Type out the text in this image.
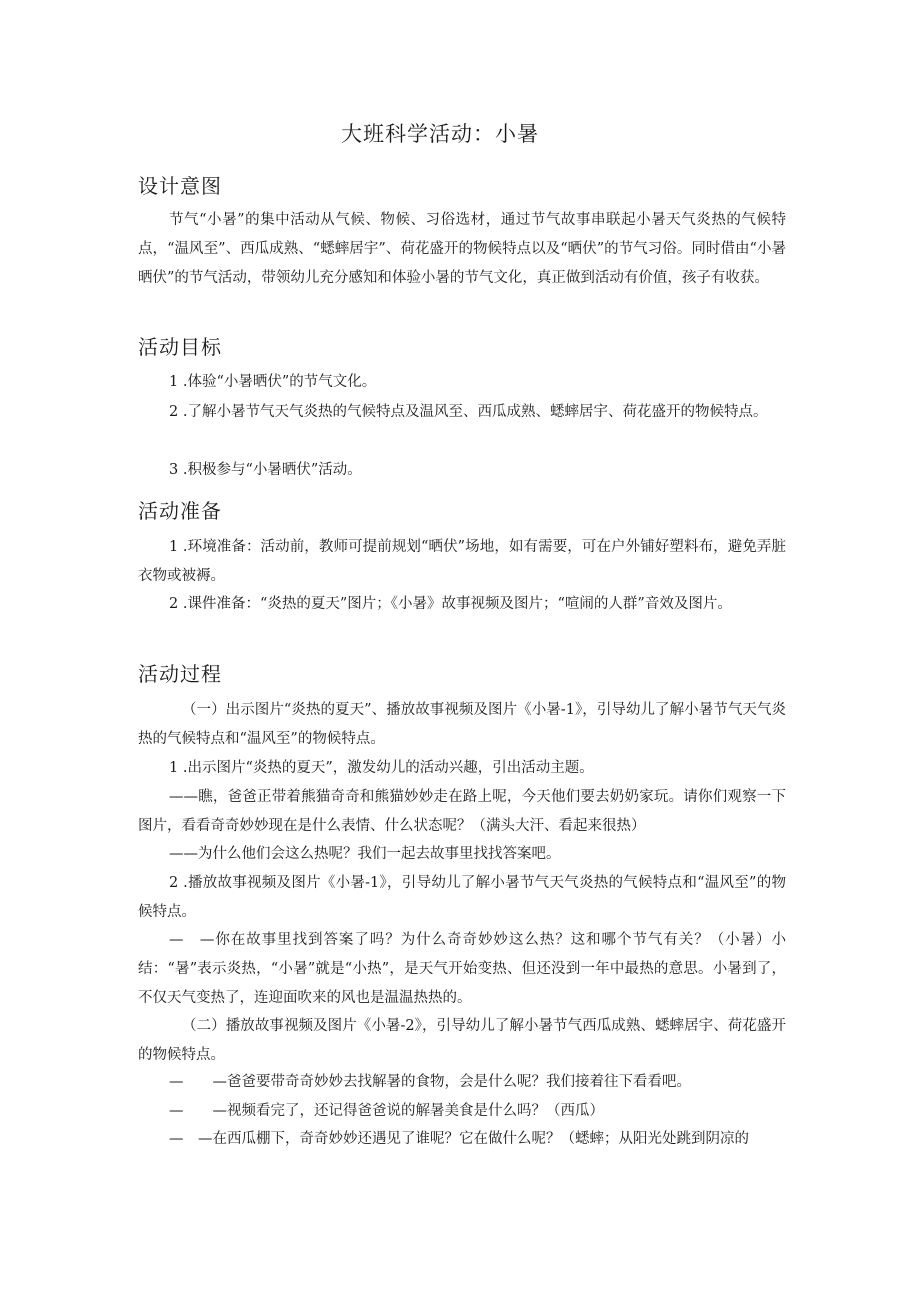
大班科学活动：小暑
设计意图

节气“小暑”的集中活动从气候、物候、习俗选材，通过节气故事串联起小暑天气炎热的气候特点，“温风至”、西瓜成熟、“蟋蟀居宇”、荷花盛开的物候特点以及“晒伏”的节气习俗。同时借由“小暑晒伏”的节气活动，带领幼儿充分感知和体验小暑的节气文化，真正做到活动有价值，孩子有收获。

活动目标

1 .体验“小暑晒伏”的节气文化。

2 .了解小暑节气天气炎热的气候特点及温风至、西瓜成熟、蟋蟀居宇、荷花盛开的物候特点。

3 .积极参与“小暑晒伏”活动。

活动准备

1 .环境准备：活动前，教师可提前规划“晒伏”场地，如有需要，可在户外铺好塑料布，避免弄脏衣物或被褥。

2 .课件准备：“炎热的夏天”图片；《小暑》故事视频及图片；“喧闹的人群”音效及图片。

活动过程

（一）出示图片“炎热的夏天”、播放故事视频及图片《小暑-1》，引导幼儿了解小暑节气天气炎热的气候特点和“温风至”的物候特点。

1 .出示图片“炎热的夏天”，激发幼儿的活动兴趣，引出活动主题。

——瞧，爸爸正带着熊猫奇奇和熊猫妙妙走在路上呢，今天他们要去奶奶家玩。请你们观察一下图片，看看奇奇妙妙现在是什么表情、什么状态呢？（满头大汗、看起来很热）

——为什么他们会这么热呢？我们一起去故事里找找答案吧。

2 .播放故事视频及图片《小暑-1》，引导幼儿了解小暑节气天气炎热的气候特点和“温风至”的物候特点。

—　—你在故事里找到答案了吗？为什么奇奇妙妙这么热？这和哪个节气有关？（小暑）小结：“暑”表示炎热，“小暑”就是“小热”，是天气开始变热、但还没到一年中最热的意思。小暑到了，不仅天气变热了，连迎面吹来的风也是温温热热的。

（二）播放故事视频及图片《小暑-2》，引导幼儿了解小暑节气西瓜成熟、蟋蟀居宇、荷花盛开的物候特点。

—　　—爸爸要带奇奇妙妙去找解暑的食物，会是什么呢？我们接着往下看看吧。

—　　—视频看完了，还记得爸爸说的解暑美食是什么吗？（西瓜）

—　—在西瓜棚下，奇奇妙妙还遇见了谁呢？它在做什么呢？（蟋蟀；从阳光处跳到阴凉的
